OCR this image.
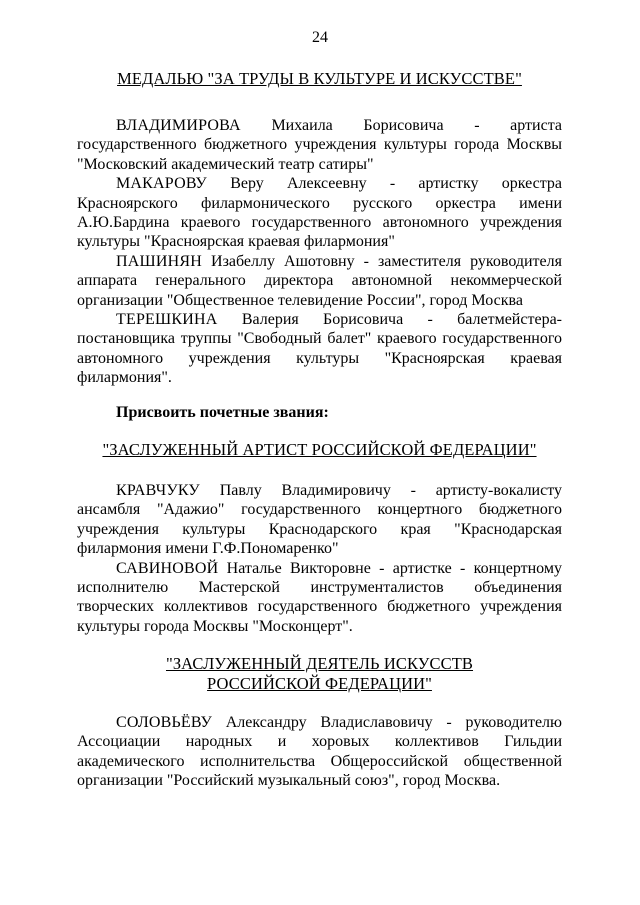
24
МЕДАЛЬЮ "ЗА ТРУДЫ В КУЛЬТУРЕ И ИСКУССТВЕ"

ВЛАДИМИРОВА Михаила Борисовича - артиста государственного бюджетного учреждения культуры города Москвы "Московский академический театр сатиры"

МАКАРОВУ Веру Алексеевну - артистку оркестра Красноярского филармонического русского оркестра имени А.Ю.Бардина краевого государственного автономного учреждения культуры "Красноярская краевая филармония"

ПАШИНЯН Изабеллу Ашотовну - заместителя руководителя аппарата генерального директора автономной некоммерческой организации "Общественное телевидение России", город Москва

ТЕРЕШКИНА Валерия Борисовича - балетмейстера-постановщика труппы "Свободный балет" краевого государственного автономного учреждения культуры "Красноярская краевая филармония".

Присвоить почетные звания:

"ЗАСЛУЖЕННЫЙ АРТИСТ РОССИЙСКОЙ ФЕДЕРАЦИИ"

КРАВЧУКУ Павлу Владимировичу - артисту-вокалисту ансамбля "Адажио" государственного концертного бюджетного учреждения культуры Краснодарского края "Краснодарская филармония имени Г.Ф.Пономаренко"

САВИНОВОЙ Наталье Викторовне - артистке - концертному исполнителю Мастерской инструменталистов объединения творческих коллективов государственного бюджетного учреждения культуры города Москвы "Москонцерт".

"ЗАСЛУЖЕННЫЙ ДЕЯТЕЛЬ ИСКУССТВ
РОССИЙСКОЙ ФЕДЕРАЦИИ"

СОЛОВЬЁВУ Александру Владиславовичу - руководителю Ассоциации народных и хоровых коллективов Гильдии академического исполнительства Общероссийской общественной организации "Российский музыкальный союз", город Москва.
